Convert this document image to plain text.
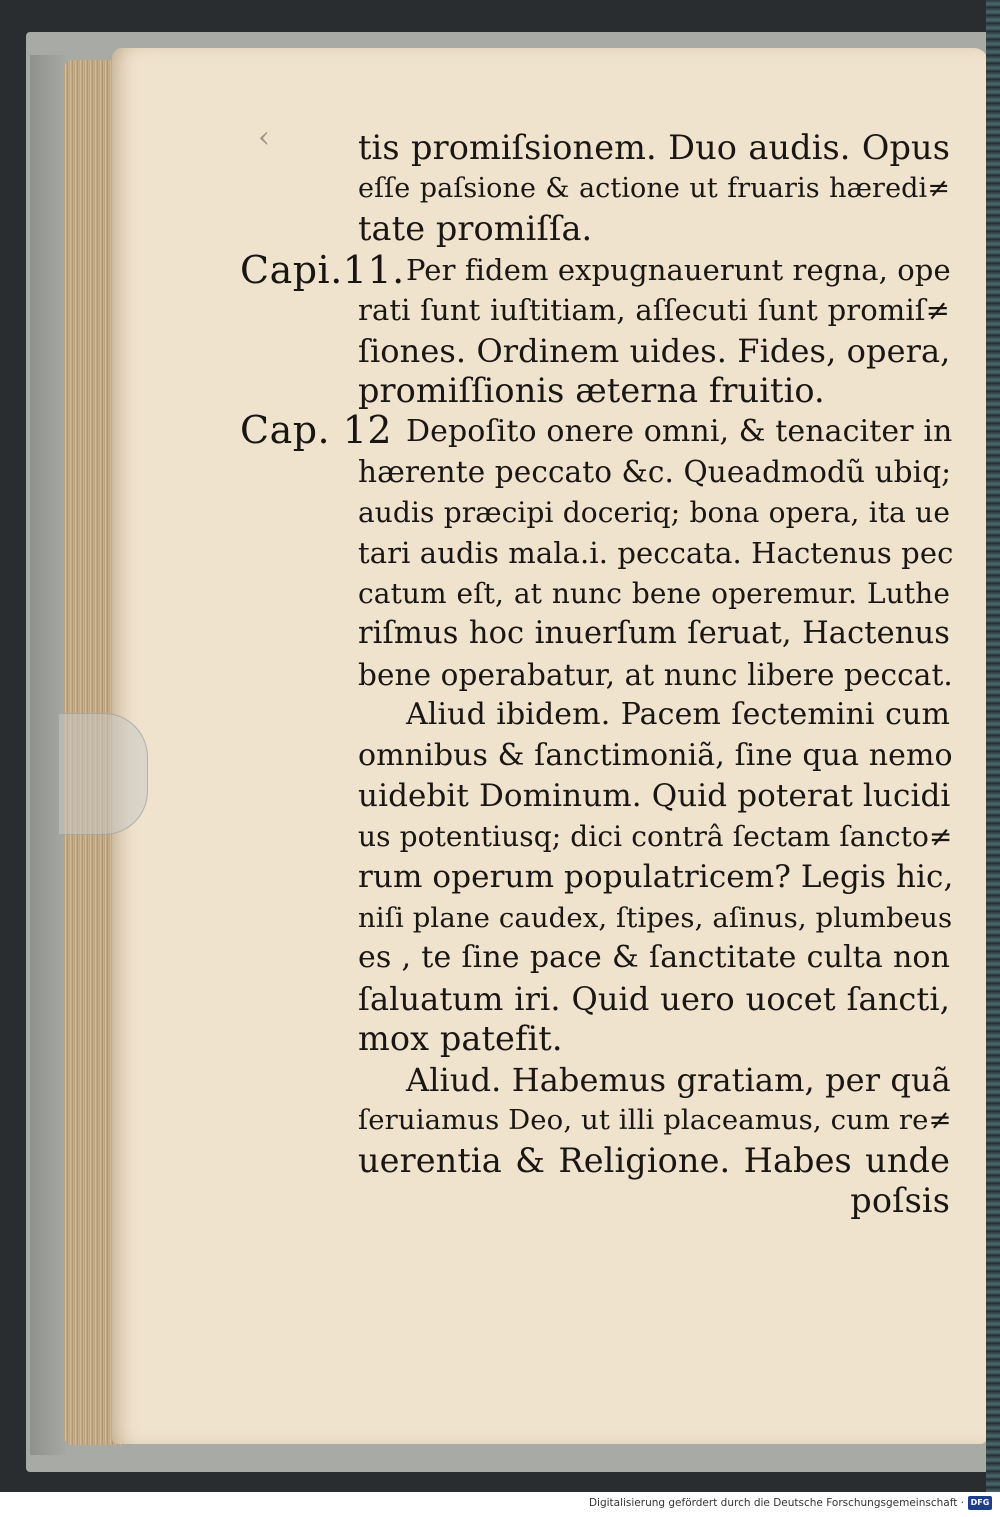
‹
Capi.11.
Cap. 12
tis promiſsionem. Duo audis. Opus
eſſe paſsione & actione ut fruaris hæredi≠
tate promiſſa.
Per fidem expugnauerunt regna, ope
rati ſunt iuſtitiam, aſſecuti ſunt promiſ≠
ſiones. Ordinem uides. Fides, opera,
promiſſionis æterna fruitio.
Depoſito onere omni, & tenaciter in
hærente peccato &c. Queadmodũ ubiq;
audis præcipi doceriq; bona opera, ita ue
tari audis mala.i. peccata. Hactenus pec
catum eſt, at nunc bene operemur. Luthe
riſmus hoc inuerſum ſeruat, Hactenus
bene operabatur, at nunc libere peccat.
Aliud ibidem. Pacem ſectemini cum
omnibus & ſanctimoniã, ſine qua nemo
uidebit Dominum. Quid poterat lucidi
us potentiusq; dici contrâ ſectam ſancto≠
rum operum populatricem? Legis hic,
niſi plane caudex, ſtipes, aſinus, plumbeus
es , te ſine pace & ſanctitate culta non
ſaluatum iri. Quid uero uocet ſancti,
mox patefit.
Aliud. Habemus gratiam, per quã
ſeruiamus Deo, ut illi placeamus, cum re≠
uerentia & Religione. Habes unde
poſsis
Digitalisierung gefördert durch die Deutsche Forschungsgemeinschaft · DFG
